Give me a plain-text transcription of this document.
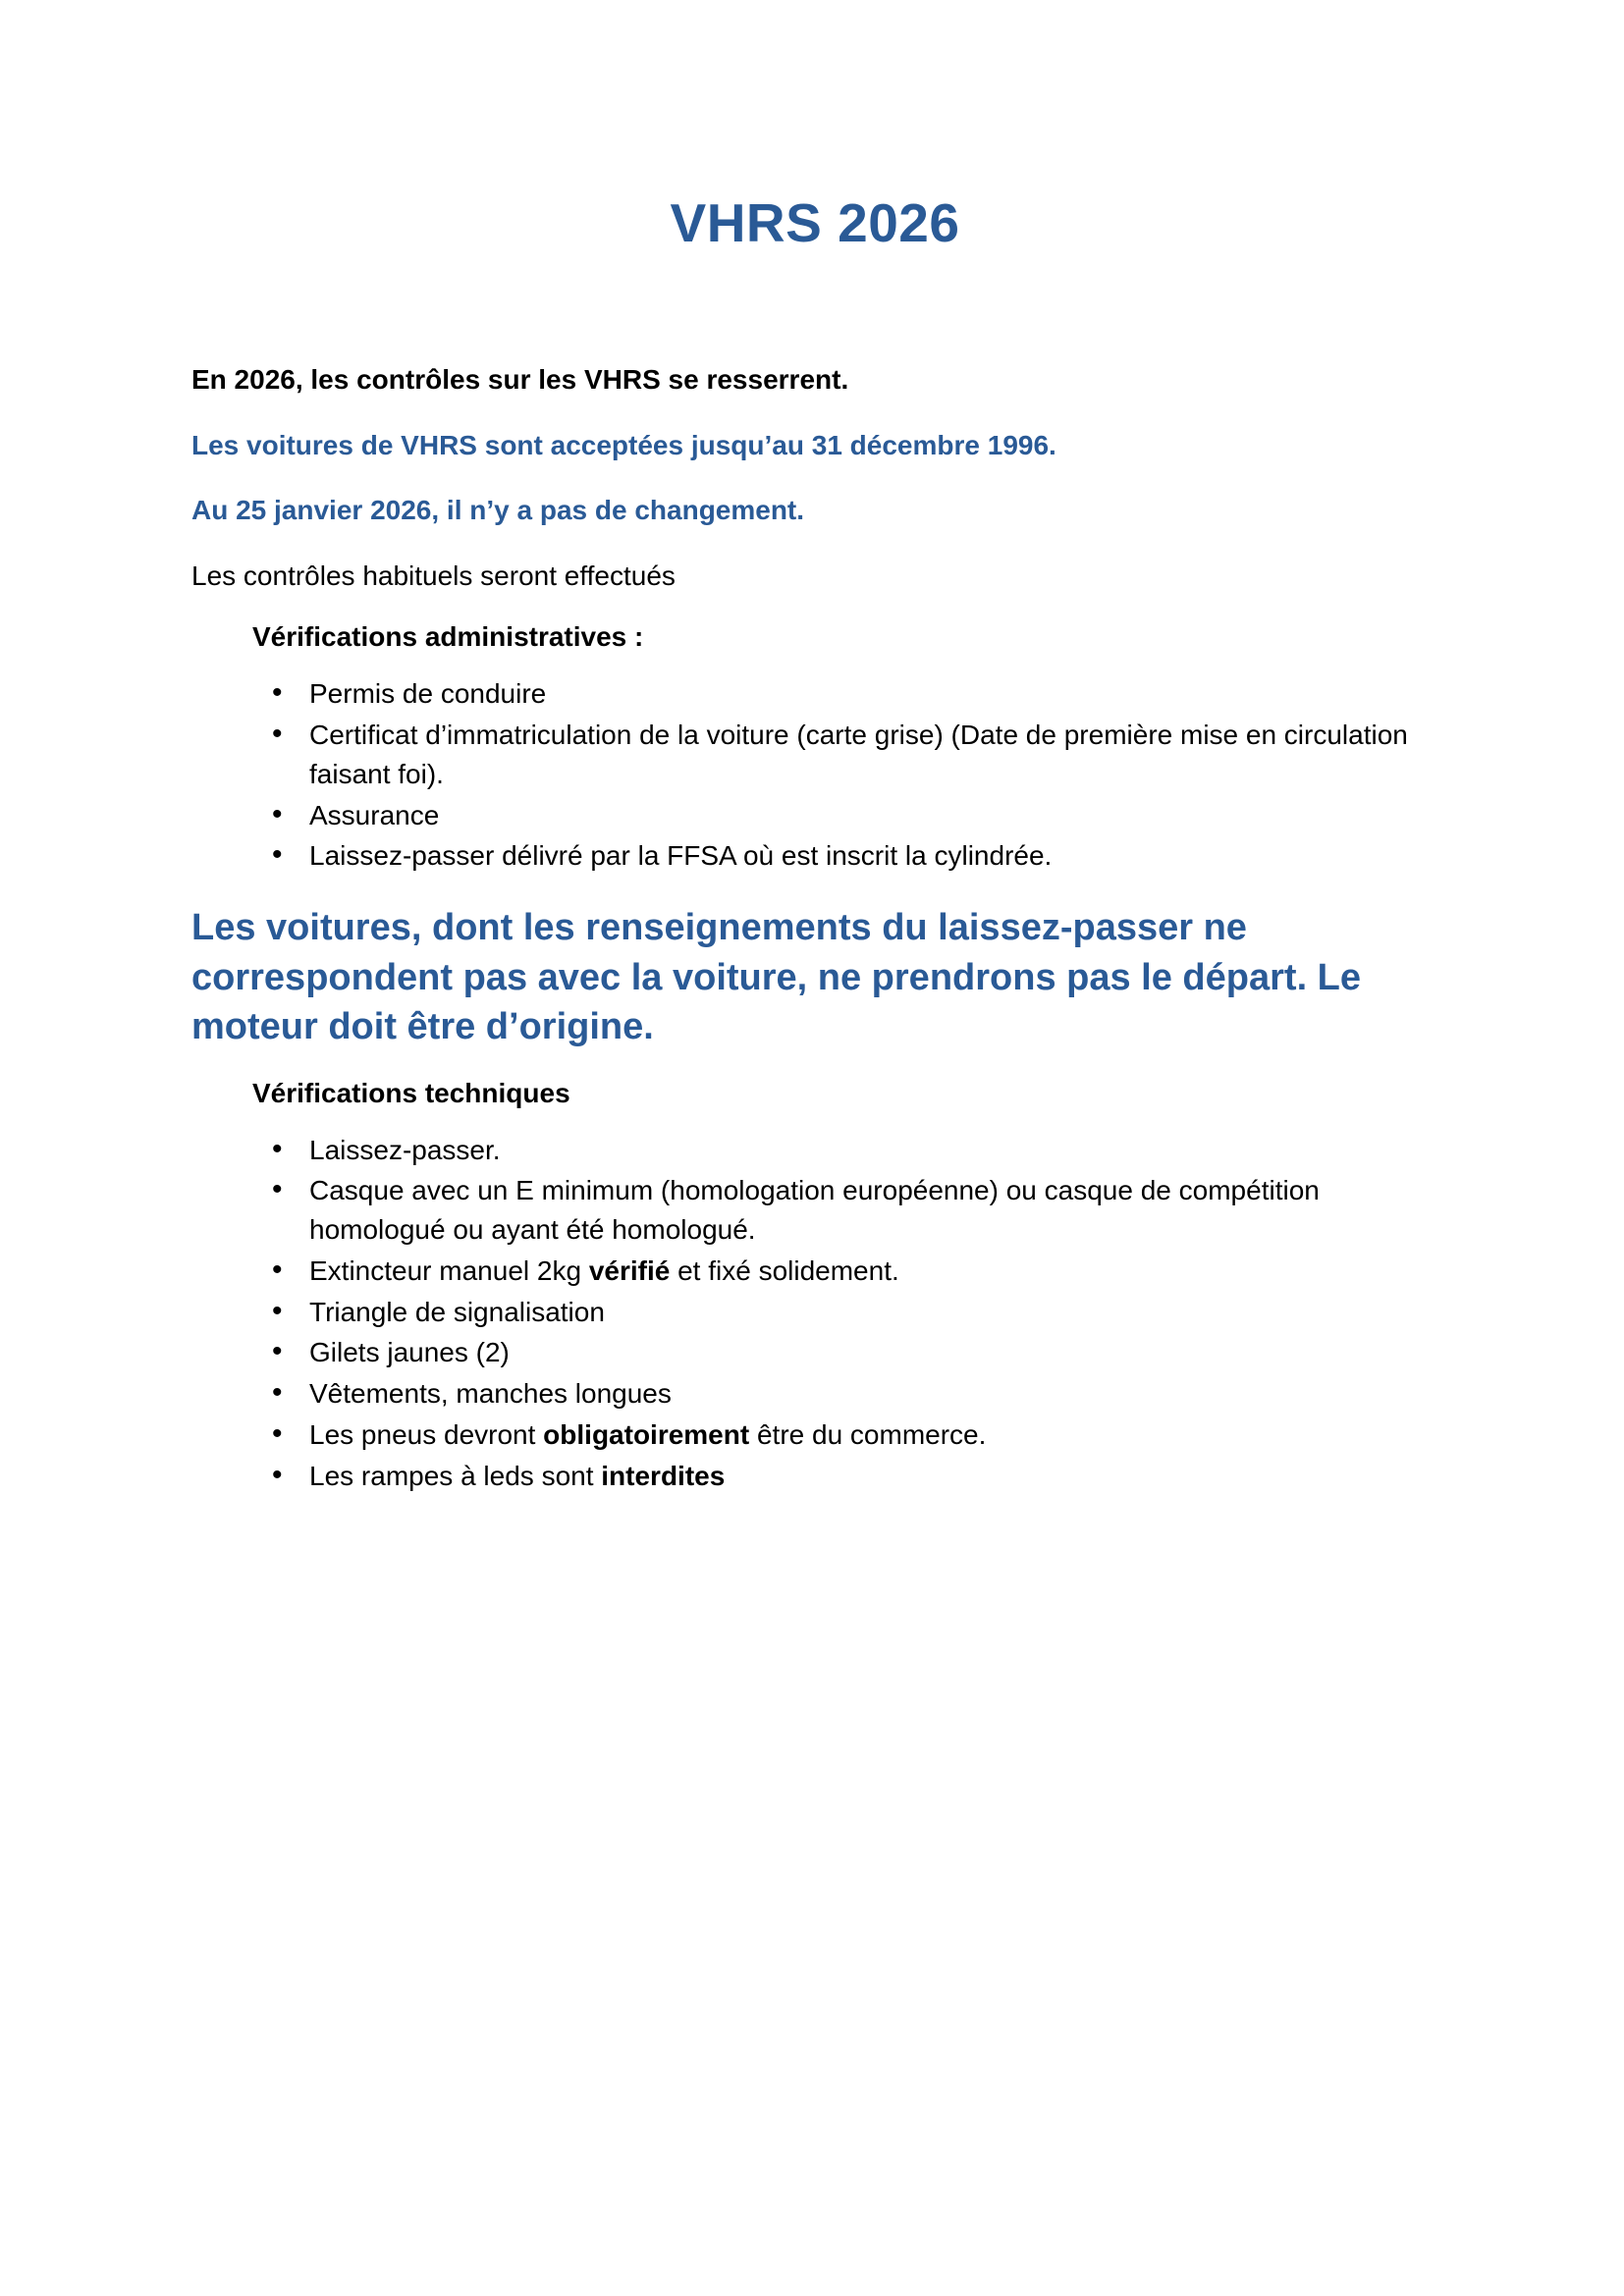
VHRS 2026

En 2026, les contrôles sur les VHRS se resserrent.

Les voitures de VHRS sont acceptées jusqu’au 31 décembre 1996.

Au 25 janvier 2026, il n’y a pas de changement.

Les contrôles habituels seront effectués

Vérifications administratives :

• Permis de conduire
• Certificat d’immatriculation de la voiture (carte grise) (Date de première mise en circulation faisant foi).
• Assurance
• Laissez-passer délivré par la FFSA où est inscrit la cylindrée.

Les voitures, dont les renseignements du laissez-passer ne correspondent pas avec la voiture, ne prendrons pas le départ. Le moteur doit être d’origine.

Vérifications techniques

• Laissez-passer.
• Casque avec un E minimum (homologation européenne) ou casque de compétition homologué ou ayant été homologué.
• Extincteur manuel 2kg vérifié et fixé solidement.
• Triangle de signalisation
• Gilets jaunes (2)
• Vêtements, manches longues
• Les pneus devront obligatoirement être du commerce.
• Les rampes à leds sont interdites
